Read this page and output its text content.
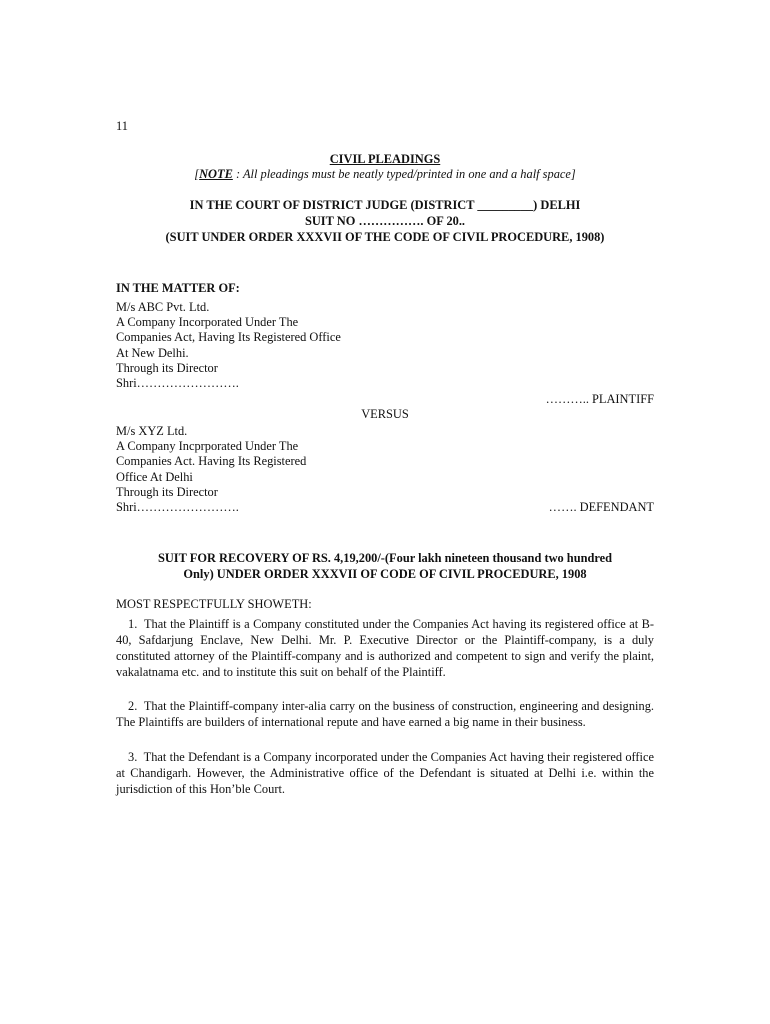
11
CIVIL PLEADINGS
[NOTE : All pleadings must be neatly typed/printed in one and a half space]
IN THE COURT OF DISTRICT JUDGE (DISTRICT _________) DELHI
SUIT NO ……………. OF 20..
(SUIT UNDER ORDER XXXVII OF THE CODE OF CIVIL PROCEDURE, 1908)
IN THE MATTER OF:
M/s ABC Pvt. Ltd.
A Company Incorporated Under The
Companies Act, Having Its Registered Office
At New Delhi.
Through its Director
Shri…………………….
……….. PLAINTIFF
VERSUS
M/s XYZ Ltd.
A Company Incprporated Under The
Companies Act. Having Its Registered
Office At Delhi
Through its Director
Shri…………………….	……. DEFENDANT
SUIT FOR RECOVERY OF RS. 4,19,200/-(Four lakh nineteen thousand two hundred
Only) UNDER ORDER XXXVII OF CODE OF CIVIL PROCEDURE, 1908
MOST RESPECTFULLY SHOWETH:
1. That the Plaintiff is a Company constituted under the Companies Act having its registered office at B-40, Safdarjung Enclave, New Delhi. Mr. P. Executive Director or the Plaintiff-company, is a duly constituted attorney of the Plaintiff-company and is authorized and competent to sign and verify the plaint, vakalatnama etc. and to institute this suit on behalf of the Plaintiff.
2. That the Plaintiff-company inter-alia carry on the business of construction, engineering and designing. The Plaintiffs are builders of international repute and have earned a big name in their business.
3. That the Defendant is a Company incorporated under the Companies Act having their registered office at Chandigarh. However, the Administrative office of the Defendant is situated at Delhi i.e. within the jurisdiction of this Hon’ble Court.
